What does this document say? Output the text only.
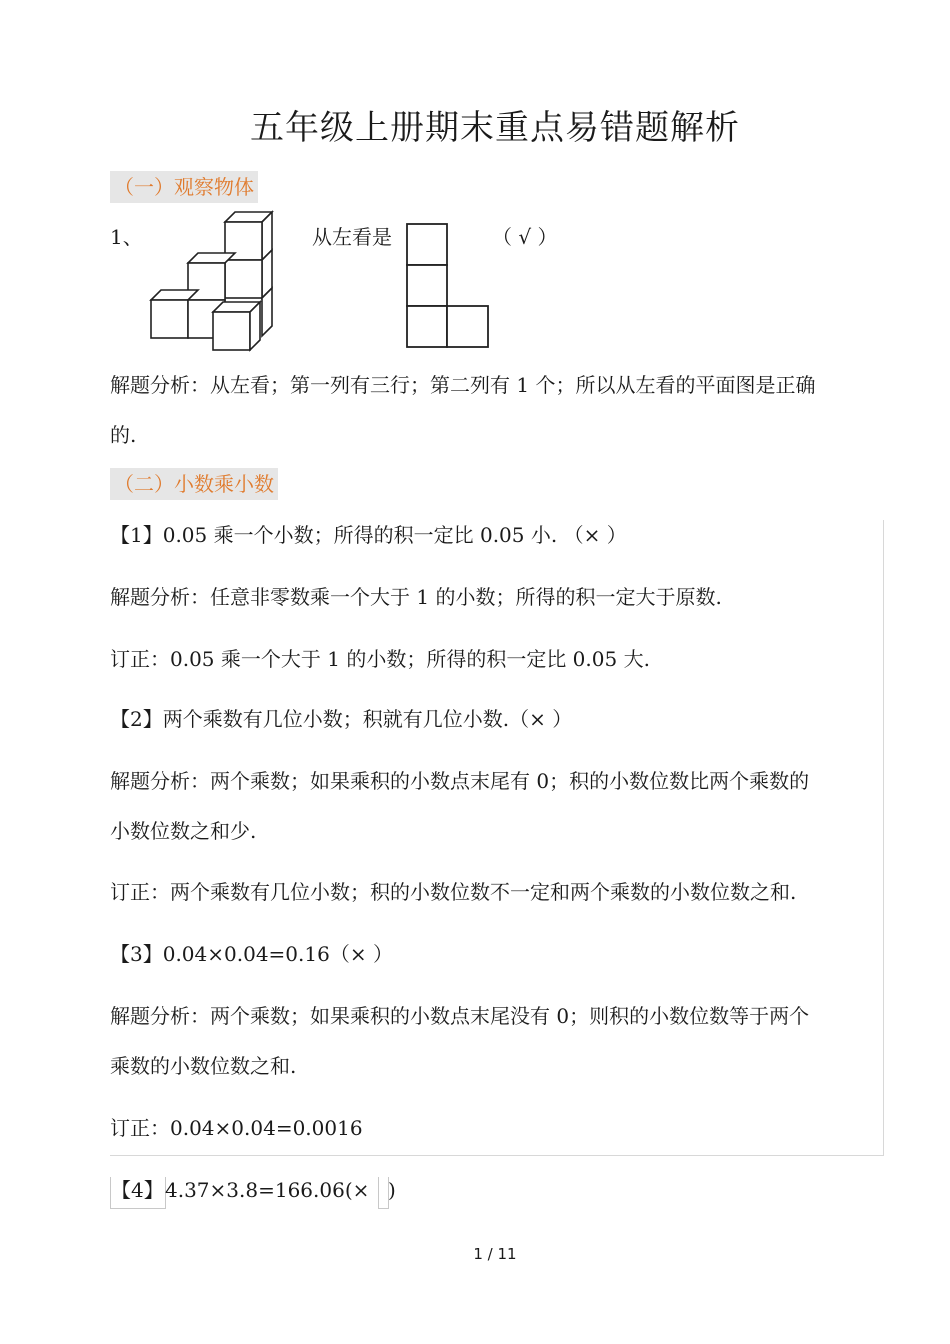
五年级上册期末重点易错题解析
（一）观察物体
1、	从左看是	（ √ ）
解题分析：从左看；第一列有三行；第二列有 1 个；所以从左看的平面图是正确
的.
（二）小数乘小数
【1】0.05 乘一个小数；所得的积一定比 0.05 小. （× ）
解题分析：任意非零数乘一个大于 1 的小数；所得的积一定大于原数.
订正：0.05 乘一个大于 1 的小数；所得的积一定比 0.05 大.
【2】两个乘数有几位小数；积就有几位小数.（× ）
解题分析：两个乘数；如果乘积的小数点末尾有 0；积的小数位数比两个乘数的
小数位数之和少.
订正：两个乘数有几位小数；积的小数位数不一定和两个乘数的小数位数之和.
【3】0.04×0.04=0.16（× ）
解题分析：两个乘数；如果乘积的小数点末尾没有 0；则积的小数位数等于两个
乘数的小数位数之和.
订正：0.04×0.04=0.0016
【4】 4.37×3.8=166.06(× )
1 / 11
